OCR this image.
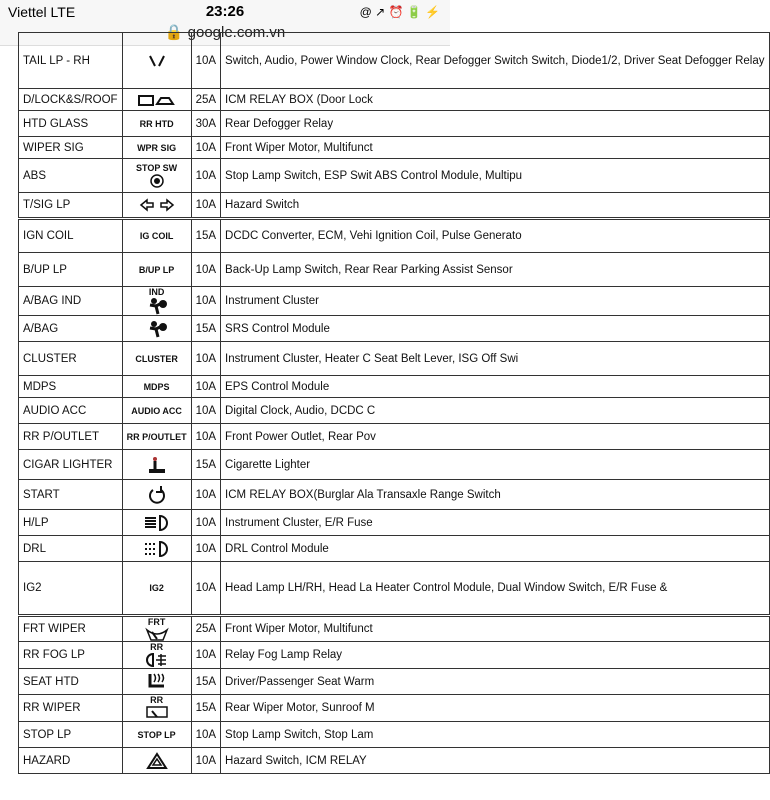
Viettel LTE	23:26	@ ↗ ⏰ 🔋 ⚡
🔒 google.com.vn
TAIL LP - RH		10A	Switch, Audio, Power Window Clock, Rear Defogger Switch Switch, Diode1/2, Driver Seat Defogger Relay
D/LOCK&S/ROOF		25A	ICM RELAY BOX (Door Lock
HTD GLASS	RR HTD	30A	Rear Defogger Relay
WIPER SIG	WPR SIG	10A	Front Wiper Motor, Multifunct
ABS	STOP SW	10A	Stop Lamp Switch, ESP Swit ABS Control Module, Multipu
T/SIG LP		10A	Hazard Switch
IGN COIL	IG COIL	15A	DCDC Converter, ECM, Vehi Ignition Coil, Pulse Generato
B/UP LP	B/UP LP	10A	Back-Up Lamp Switch, Rear Rear Parking Assist Sensor
A/BAG IND	IND	10A	Instrument Cluster
A/BAG		15A	SRS Control Module
CLUSTER	CLUSTER	10A	Instrument Cluster, Heater C Seat Belt Lever, ISG Off Swi
MDPS	MDPS	10A	EPS Control Module
AUDIO ACC	AUDIO ACC	10A	Digital Clock, Audio, DCDC C
RR P/OUTLET	RR P/OUTLET	10A	Front Power Outlet, Rear Pov
CIGAR LIGHTER		15A	Cigarette Lighter
START		10A	ICM RELAY BOX(Burglar Ala Transaxle Range Switch
H/LP		10A	Instrument Cluster, E/R Fuse
DRL		10A	DRL Control Module
IG2	IG2	10A	Head Lamp LH/RH, Head La Heater Control Module, Dual Window Switch, E/R Fuse &
FRT WIPER	FRT	25A	Front Wiper Motor, Multifunct
RR FOG LP	RR	10A	Relay Fog Lamp Relay
SEAT HTD		15A	Driver/Passenger Seat Warm
RR WIPER	RR	15A	Rear Wiper Motor, Sunroof M
STOP LP	STOP LP	10A	Stop Lamp Switch, Stop Lam
HAZARD		10A	Hazard Switch, ICM RELAY
